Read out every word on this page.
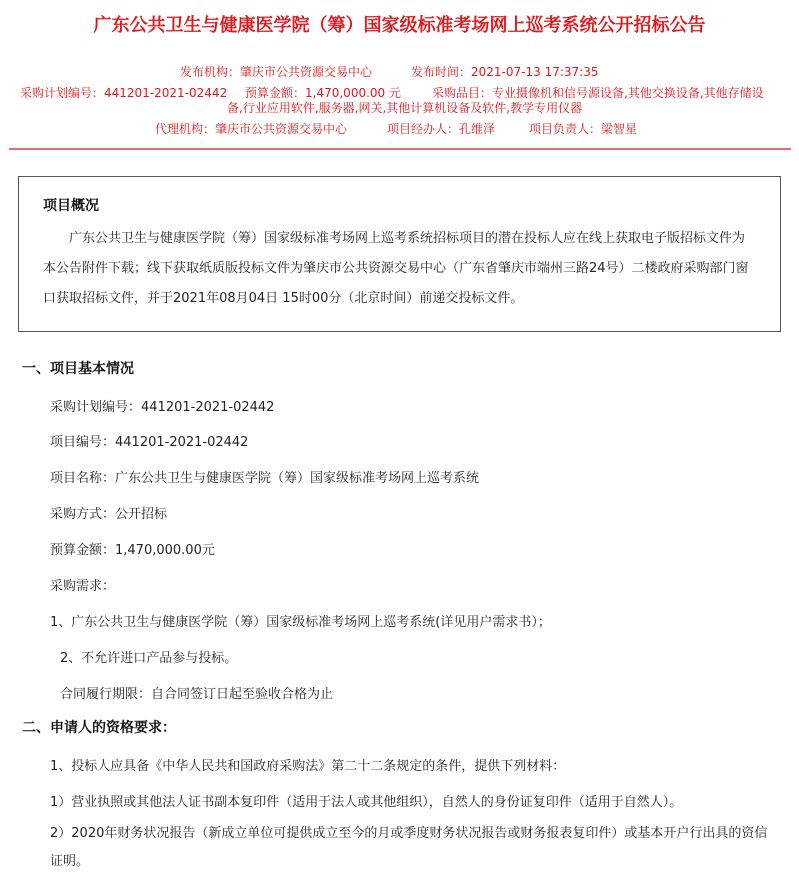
广东公共卫生与健康医学院（筹）国家级标准考场网上巡考系统公开招标公告
发布机构：肇庆市公共资源交易中心	发布时间：2021-07-13 17:37:35
采购计划编号：441201-2021-02442 预算金额：1,470,000.00 元	采购品目：专业摄像机和信号源设备,其他交换设备,其他存储设
备,行业应用软件,服务器,网关,其他计算机设备及软件,教学专用仪器
代理机构：肇庆市公共资源交易中心	项目经办人：孔维泽	项目负责人：梁智星
项目概况
广东公共卫生与健康医学院（筹）国家级标准考场网上巡考系统招标项目的潜在投标人应在线上获取电子版招标文件为本公告附件下载；线下获取纸质版投标文件为肇庆市公共资源交易中心（广东省肇庆市端州三路24号）二楼政府采购部门窗口获取招标文件，并于2021年08月04日 15时00分（北京时间）前递交投标文件。
一、项目基本情况
采购计划编号：441201-2021-02442
项目编号：441201-2021-02442
项目名称：广东公共卫生与健康医学院（筹）国家级标准考场网上巡考系统
采购方式：公开招标
预算金额：1,470,000.00元
采购需求：
1、广东公共卫生与健康医学院（筹）国家级标准考场网上巡考系统(详见用户需求书）；
2、不允许进口产品参与投标。
合同履行期限：自合同签订日起至验收合格为止
二、申请人的资格要求：
1、投标人应具备《中华人民共和国政府采购法》第二十二条规定的条件，提供下列材料：
1）营业执照或其他法人证书副本复印件（适用于法人或其他组织），自然人的身份证复印件（适用于自然人）。
2）2020年财务状况报告（新成立单位可提供成立至今的月或季度财务状况报告或财务报表复印件）或基本开户行出具的资信证明。
